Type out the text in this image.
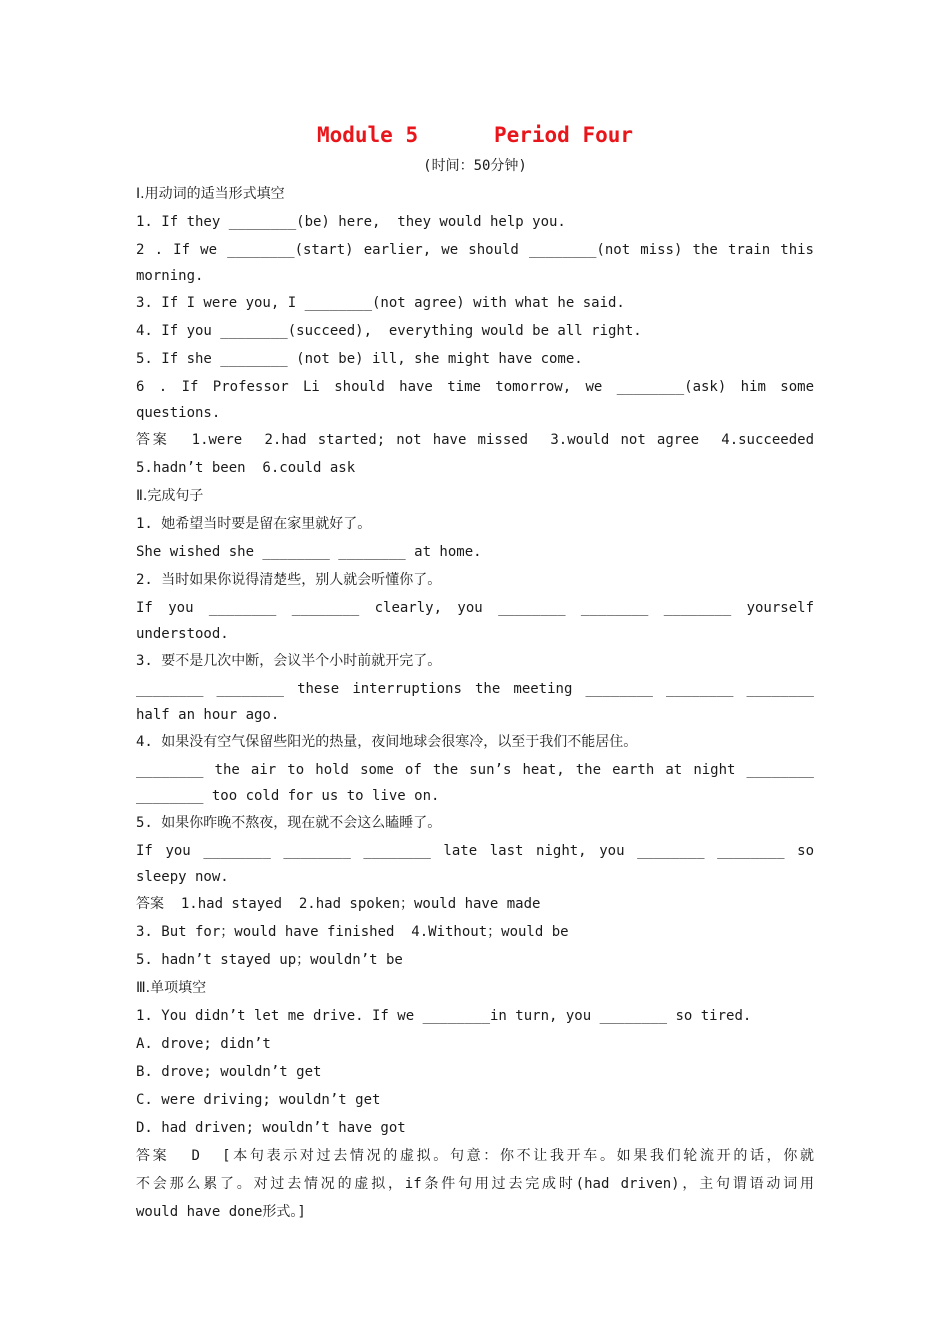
Module 5      Period Four
(时间：50分钟)
Ⅰ.用动词的适当形式填空
1. If they ________(be) here,  they would help you.
2 . If we ________(start) earlier, we should ________(not miss) the train this
morning.
3. If I were you, I ________(not agree) with what he said.
4. If you ________(succeed),  everything would be all right.
5. If she ________ (not be) ill, she might have come.
6 . If Professor Li should have time tomorrow, we ________(ask) him some
questions.
答案  1.were  2.had started; not have missed  3.would not agree  4.succeeded
5.hadn’t been  6.could ask
Ⅱ.完成句子
1. 她希望当时要是留在家里就好了。
She wished she ________ ________ at home.
2. 当时如果你说得清楚些，别人就会听懂你了。
If you ________ ________ clearly, you ________ ________ ________ yourself
understood.
3. 要不是几次中断，会议半个小时前就开完了。
________ ________ these interruptions the meeting ________ ________ ________
half an hour ago.
4. 如果没有空气保留些阳光的热量，夜间地球会很寒冷，以至于我们不能居住。
________ the air to hold some of the sun’s heat, the earth at night ________
________ too cold for us to live on.
5. 如果你昨晚不熬夜，现在就不会这么瞌睡了。
If you ________ ________ ________ late last night, you ________ ________ so
sleepy now.
答案  1.had stayed  2.had spoken；would have made
3. But for；would have finished  4.Without；would be
5. hadn’t stayed up；wouldn’t be
Ⅲ.单项填空
1. You didn’t let me drive. If we ________in turn, you ________ so tired.
A. drove; didn’t
B. drove; wouldn’t get
C. were driving; wouldn’t get
D. had driven; wouldn’t have got
答案  D  [本句表示对过去情况的虚拟。句意：你不让我开车。如果我们轮流开的话，你就
不会那么累了。对过去情况的虚拟，if条件句用过去完成时(had driven)，主句谓语动词用
would have done形式。]
